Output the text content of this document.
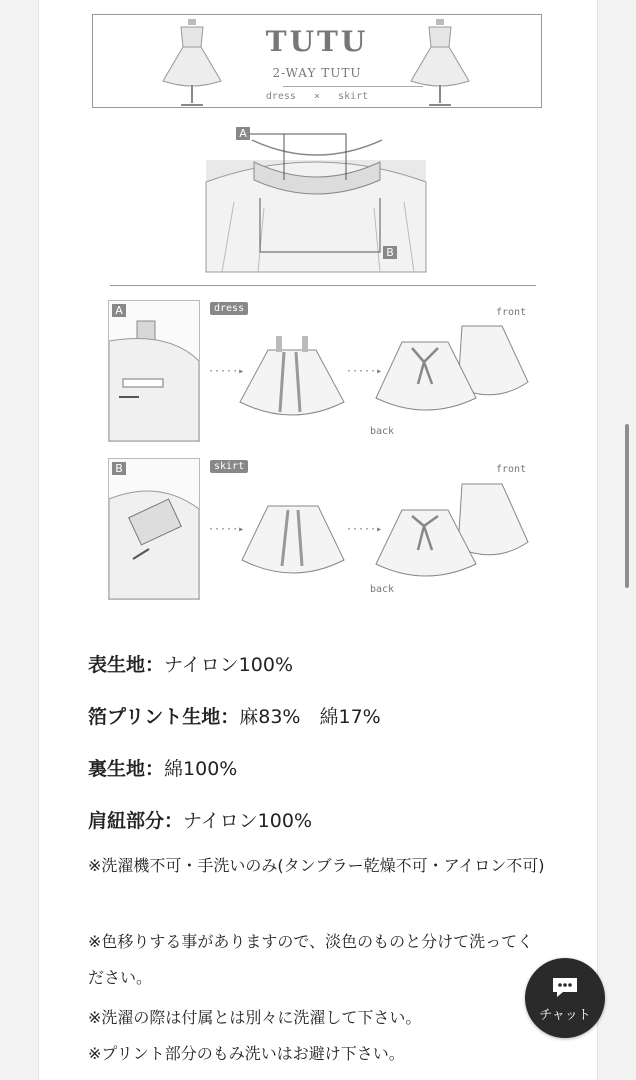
TUTU
2-WAY TUTU
dress × skirt
A
B
A	dress
·····▸	·····▸
front
back
B	skirt
·····▸	·····▸
front
back
表生地：ナイロン100%
箔プリント生地：麻83%　綿17%
裏生地：綿100%
肩紐部分：ナイロン100%
※洗濯機不可・手洗いのみ(タンブラー乾燥不可・アイロン不可)
※色移りする事がありますので、淡色のものと分けて洗ってください。
※洗濯の際は付属とは別々に洗濯して下さい。
※プリント部分のもみ洗いはお避け下さい。
チャット
